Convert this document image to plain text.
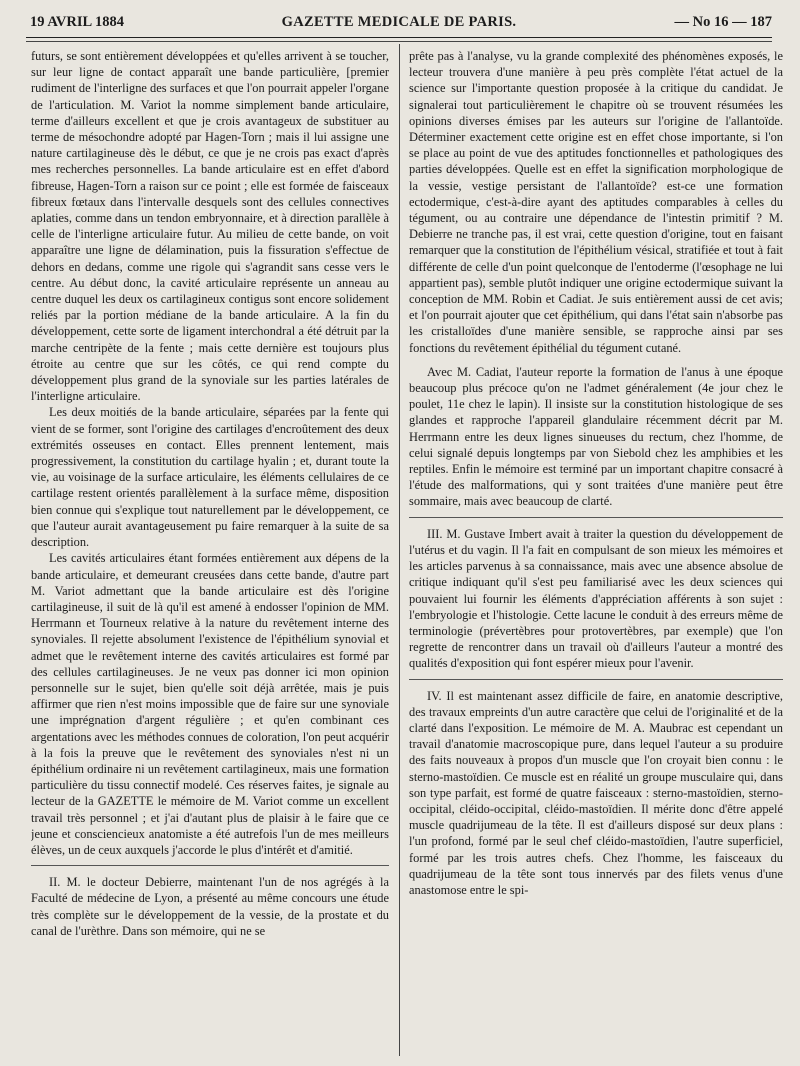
19 AVRIL 1884	GAZETTE MEDICALE DE PARIS.	— No 16 — 187

futurs, se sont entièrement développées et qu'elles arrivent à se toucher, sur leur ligne de contact apparaît une bande particulière, [premier rudiment de l'interligne des surfaces et que l'on pourrait appeler l'organe de l'articulation. M. Variot la nomme simplement bande articulaire, terme d'ailleurs excellent et que je crois avantageux de substituer au terme de mésochondre adopté par Hagen-Torn ; mais il lui assigne une nature cartilagineuse dès le début, ce que je ne crois pas exact d'après mes recherches personnelles. La bande articulaire est en effet d'abord fibreuse, Hagen-Torn a raison sur ce point ; elle est formée de faisceaux fibreux fœtaux dans l'intervalle desquels sont des cellules connectives aplaties, comme dans un tendon embryonnaire, et à direction parallèle à celle de l'interligne articulaire futur. Au milieu de cette bande, on voit apparaître une ligne de délamination, puis la fissuration s'effectue de dehors en dedans, comme une rigole qui s'agrandit sans cesse vers le centre. Au début donc, la cavité articulaire représente un anneau au centre duquel les deux os cartilagineux contigus sont encore solidement reliés par la portion médiane de la bande articulaire. A la fin du développement, cette sorte de ligament interchondral a été détruit par la marche centripète de la fente ; mais cette dernière est toujours plus étroite au centre que sur les côtés, ce qui rend compte du développement plus grand de la synoviale sur les parties latérales de l'interligne articulaire.

Les deux moitiés de la bande articulaire, séparées par la fente qui vient de se former, sont l'origine des cartilages d'encroûtement des deux extrémités osseuses en contact. Elles prennent lentement, mais progressivement, la constitution du cartilage hyalin ; et, durant toute la vie, au voisinage de la surface articulaire, les éléments cellulaires de ce cartilage restent orientés parallèlement à la surface même, disposition bien connue qui s'explique tout naturellement par le développement, ce que l'auteur aurait avantageusement pu faire remarquer à la suite de sa description.

Les cavités articulaires étant formées entièrement aux dépens de la bande articulaire, et demeurant creusées dans cette bande, d'autre part M. Variot admettant que la bande articulaire est dès l'origine cartilagineuse, il suit de là qu'il est amené à endosser l'opinion de MM. Herrmann et Tourneux relative à la nature du revêtement interne des synoviales. Il rejette absolument l'existence de l'épithélium synovial et admet que le revêtement interne des cavités articulaires est formé par des cellules cartilagineuses. Je ne veux pas donner ici mon opinion personnelle sur le sujet, bien qu'elle soit déjà arrêtée, mais je puis affirmer que rien n'est moins impossible que de faire sur une synoviale une imprégnation d'argent régulière ; et qu'en combinant ces argentations avec les méthodes connues de coloration, l'on peut acquérir à la fois la preuve que le revêtement des synoviales n'est ni un épithélium ordinaire ni un revêtement cartilagineux, mais une formation particulière du tissu connectif modelé. Ces réserves faites, je signale au lecteur de la GAZETTE le mémoire de M. Variot comme un excellent travail très personnel ; et j'ai d'autant plus de plaisir à le faire que ce jeune et consciencieux anatomiste a été autrefois l'un de mes meilleurs élèves, un de ceux auxquels j'accorde le plus d'intérêt et d'amitié.

II. M. le docteur Debierre, maintenant l'un de nos agrégés à la Faculté de médecine de Lyon, a présenté au même concours une étude très complète sur le développement de la vessie, de la prostate et du canal de l'urèthre. Dans son mémoire, qui ne se

prête pas à l'analyse, vu la grande complexité des phénomènes exposés, le lecteur trouvera d'une manière à peu près complète l'état actuel de la science sur l'importante question proposée à la critique du candidat. Je signalerai tout particulièrement le chapitre où se trouvent résumées les opinions diverses émises par les auteurs sur l'origine de l'allantoïde. Déterminer exactement cette origine est en effet chose importante, si l'on se place au point de vue des aptitudes fonctionnelles et pathologiques des parties développées. Quelle est en effet la signification morphologique de la vessie, vestige persistant de l'allantoïde? est-ce une formation ectodermique, c'est-à-dire ayant des aptitudes comparables à celles du tégument, ou au contraire une dépendance de l'intestin primitif ? M. Debierre ne tranche pas, il est vrai, cette question d'origine, tout en faisant remarquer que la constitution de l'épithélium vésical, stratifiée et tout à fait différente de celle d'un point quelconque de l'entoderme (l'œsophage ne lui appartient pas), semble plutôt indiquer une origine ectodermique suivant la conception de MM. Robin et Cadiat. Je suis entièrement aussi de cet avis; et l'on pourrait ajouter que cet épithélium, qui dans l'état sain n'absorbe pas les cristalloïdes d'une manière sensible, se rapproche ainsi par ses fonctions du revêtement épithélial du tégument cutané.

Avec M. Cadiat, l'auteur reporte la formation de l'anus à une époque beaucoup plus précoce qu'on ne l'admet généralement (4e jour chez le poulet, 11e chez le lapin). Il insiste sur la constitution histologique de ses glandes et rapproche l'appareil glandulaire récemment décrit par M. Herrmann entre les deux lignes sinueuses du rectum, chez l'homme, de celui signalé depuis longtemps par von Siebold chez les amphibies et les reptiles. Enfin le mémoire est terminé par un important chapitre consacré à l'étude des malformations, qui y sont traitées d'une manière peut être sommaire, mais avec beaucoup de clarté.

III. M. Gustave Imbert avait à traiter la question du développement de l'utérus et du vagin. Il l'a fait en compulsant de son mieux les mémoires et les articles parvenus à sa connaissance, mais avec une absence absolue de critique indiquant qu'il s'est peu familiarisé avec les deux sciences qui pouvaient lui fournir les éléments d'appréciation afférents à son sujet : l'embryologie et l'histologie. Cette lacune le conduit à des erreurs même de terminologie (prévertèbres pour protovertèbres, par exemple) que l'on regrette de rencontrer dans un travail où d'ailleurs l'auteur a montré des qualités d'exposition qui font espérer mieux pour l'avenir.

IV. Il est maintenant assez difficile de faire, en anatomie descriptive, des travaux empreints d'un autre caractère que celui de l'originalité et de la clarté dans l'exposition. Le mémoire de M. A. Maubrac est cependant un travail d'anatomie macroscopique pure, dans lequel l'auteur a su produire des faits nouveaux à propos d'un muscle que l'on croyait bien connu : le sterno-mastoïdien. Ce muscle est en réalité un groupe musculaire qui, dans son type parfait, est formé de quatre faisceaux : sterno-mastoïdien, sterno-occipital, cléido-occipital, cléido-mastoïdien. Il mérite donc d'être appelé muscle quadrijumeau de la tête. Il est d'ailleurs disposé sur deux plans : l'un profond, formé par le seul chef cléido-mastoïdien, l'autre superficiel, formé par les trois autres chefs. Chez l'homme, les faisceaux du quadrijumeau de la tête sont tous innervés par des filets venus d'une anastomose entre le spi-
